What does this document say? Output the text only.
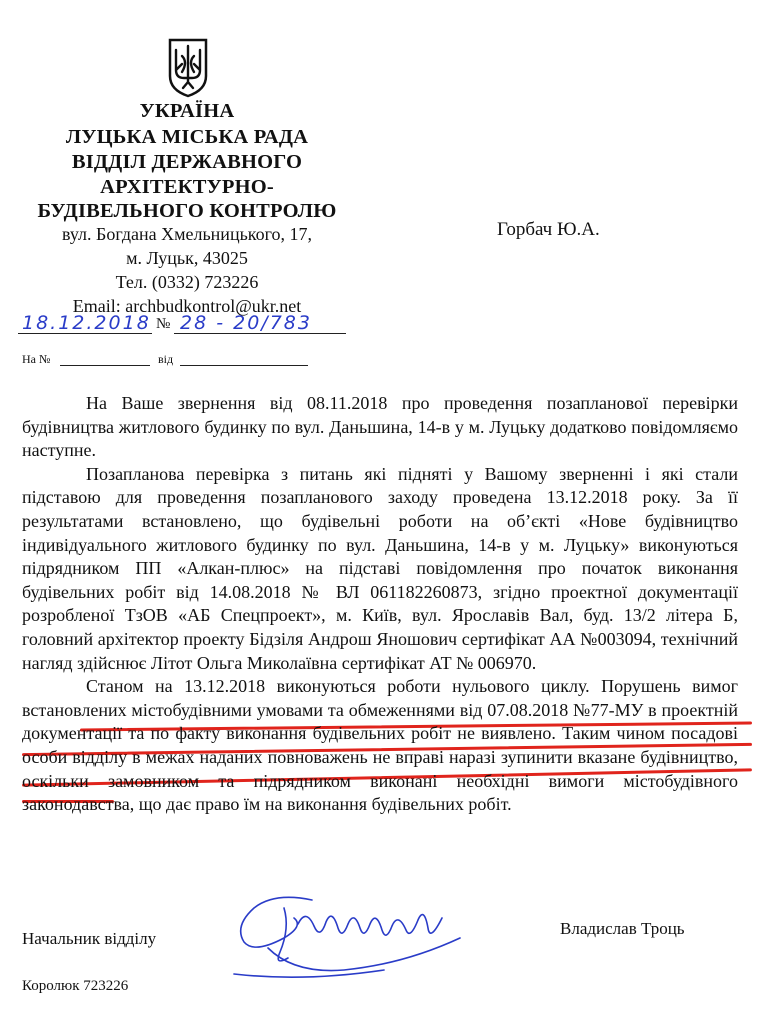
УКРАЇНА
ЛУЦЬКА МІСЬКА РАДА
ВІДДІЛ ДЕРЖАВНОГО
АРХІТЕКТУРНО-
БУДІВЕЛЬНОГО КОНТРОЛЮ
вул. Богдана Хмельницького, 17,
м. Луцьк, 43025
Тел. (0332) 723226
Email: archbudkontrol@ukr.net
Горбач Ю.А.
18.12.2018 № 28 - 20/783
На №	від

На Ваше звернення від 08.11.2018 про проведення позапланової перевірки будівництва житлового будинку по вул. Даньшина, 14-в у м. Луцьку додатково повідомляємо наступне.

Позапланова перевірка з питань які підняті у Вашому зверненні і які стали підставою для проведення позапланового заходу проведена 13.12.2018 року. За її результатами встановлено, що будівельні роботи на об’єкті «Нове будівництво індивідуального житлового будинку по вул. Даньшина, 14-в у м. Луцьку» виконуються підрядником ПП «Алкан-плюс» на підставі повідомлення про початок виконання будівельних робіт від 14.08.2018 № ВЛ 061182260873, згідно проектної документації розробленої ТзОВ «АБ Спецпроект», м. Київ, вул. Ярославів Вал, буд. 13/2 літера Б, головний архітектор проекту Бідзіля Андрош Яношович сертифікат АА №003094, технічний нагляд здійснює Літот Ольга Миколаївна сертифікат АТ № 006970.

Станом на 13.12.2018 виконуються роботи нульового циклу. Порушень вимог встановлених містобудівними умовами та обмеженнями від 07.08.2018 №77-МУ в проектній документації та по факту виконання будівельних робіт не виявлено. Таким чином посадові особи відділу в межах наданих повноважень не вправі наразі зупинити вказане будівництво, оскільки замовником та підрядником виконані необхідні вимоги містобудівного законодавства, що дає право їм на виконання будівельних робіт.

Начальник відділу
Владислав Троць
Королюк 723226
